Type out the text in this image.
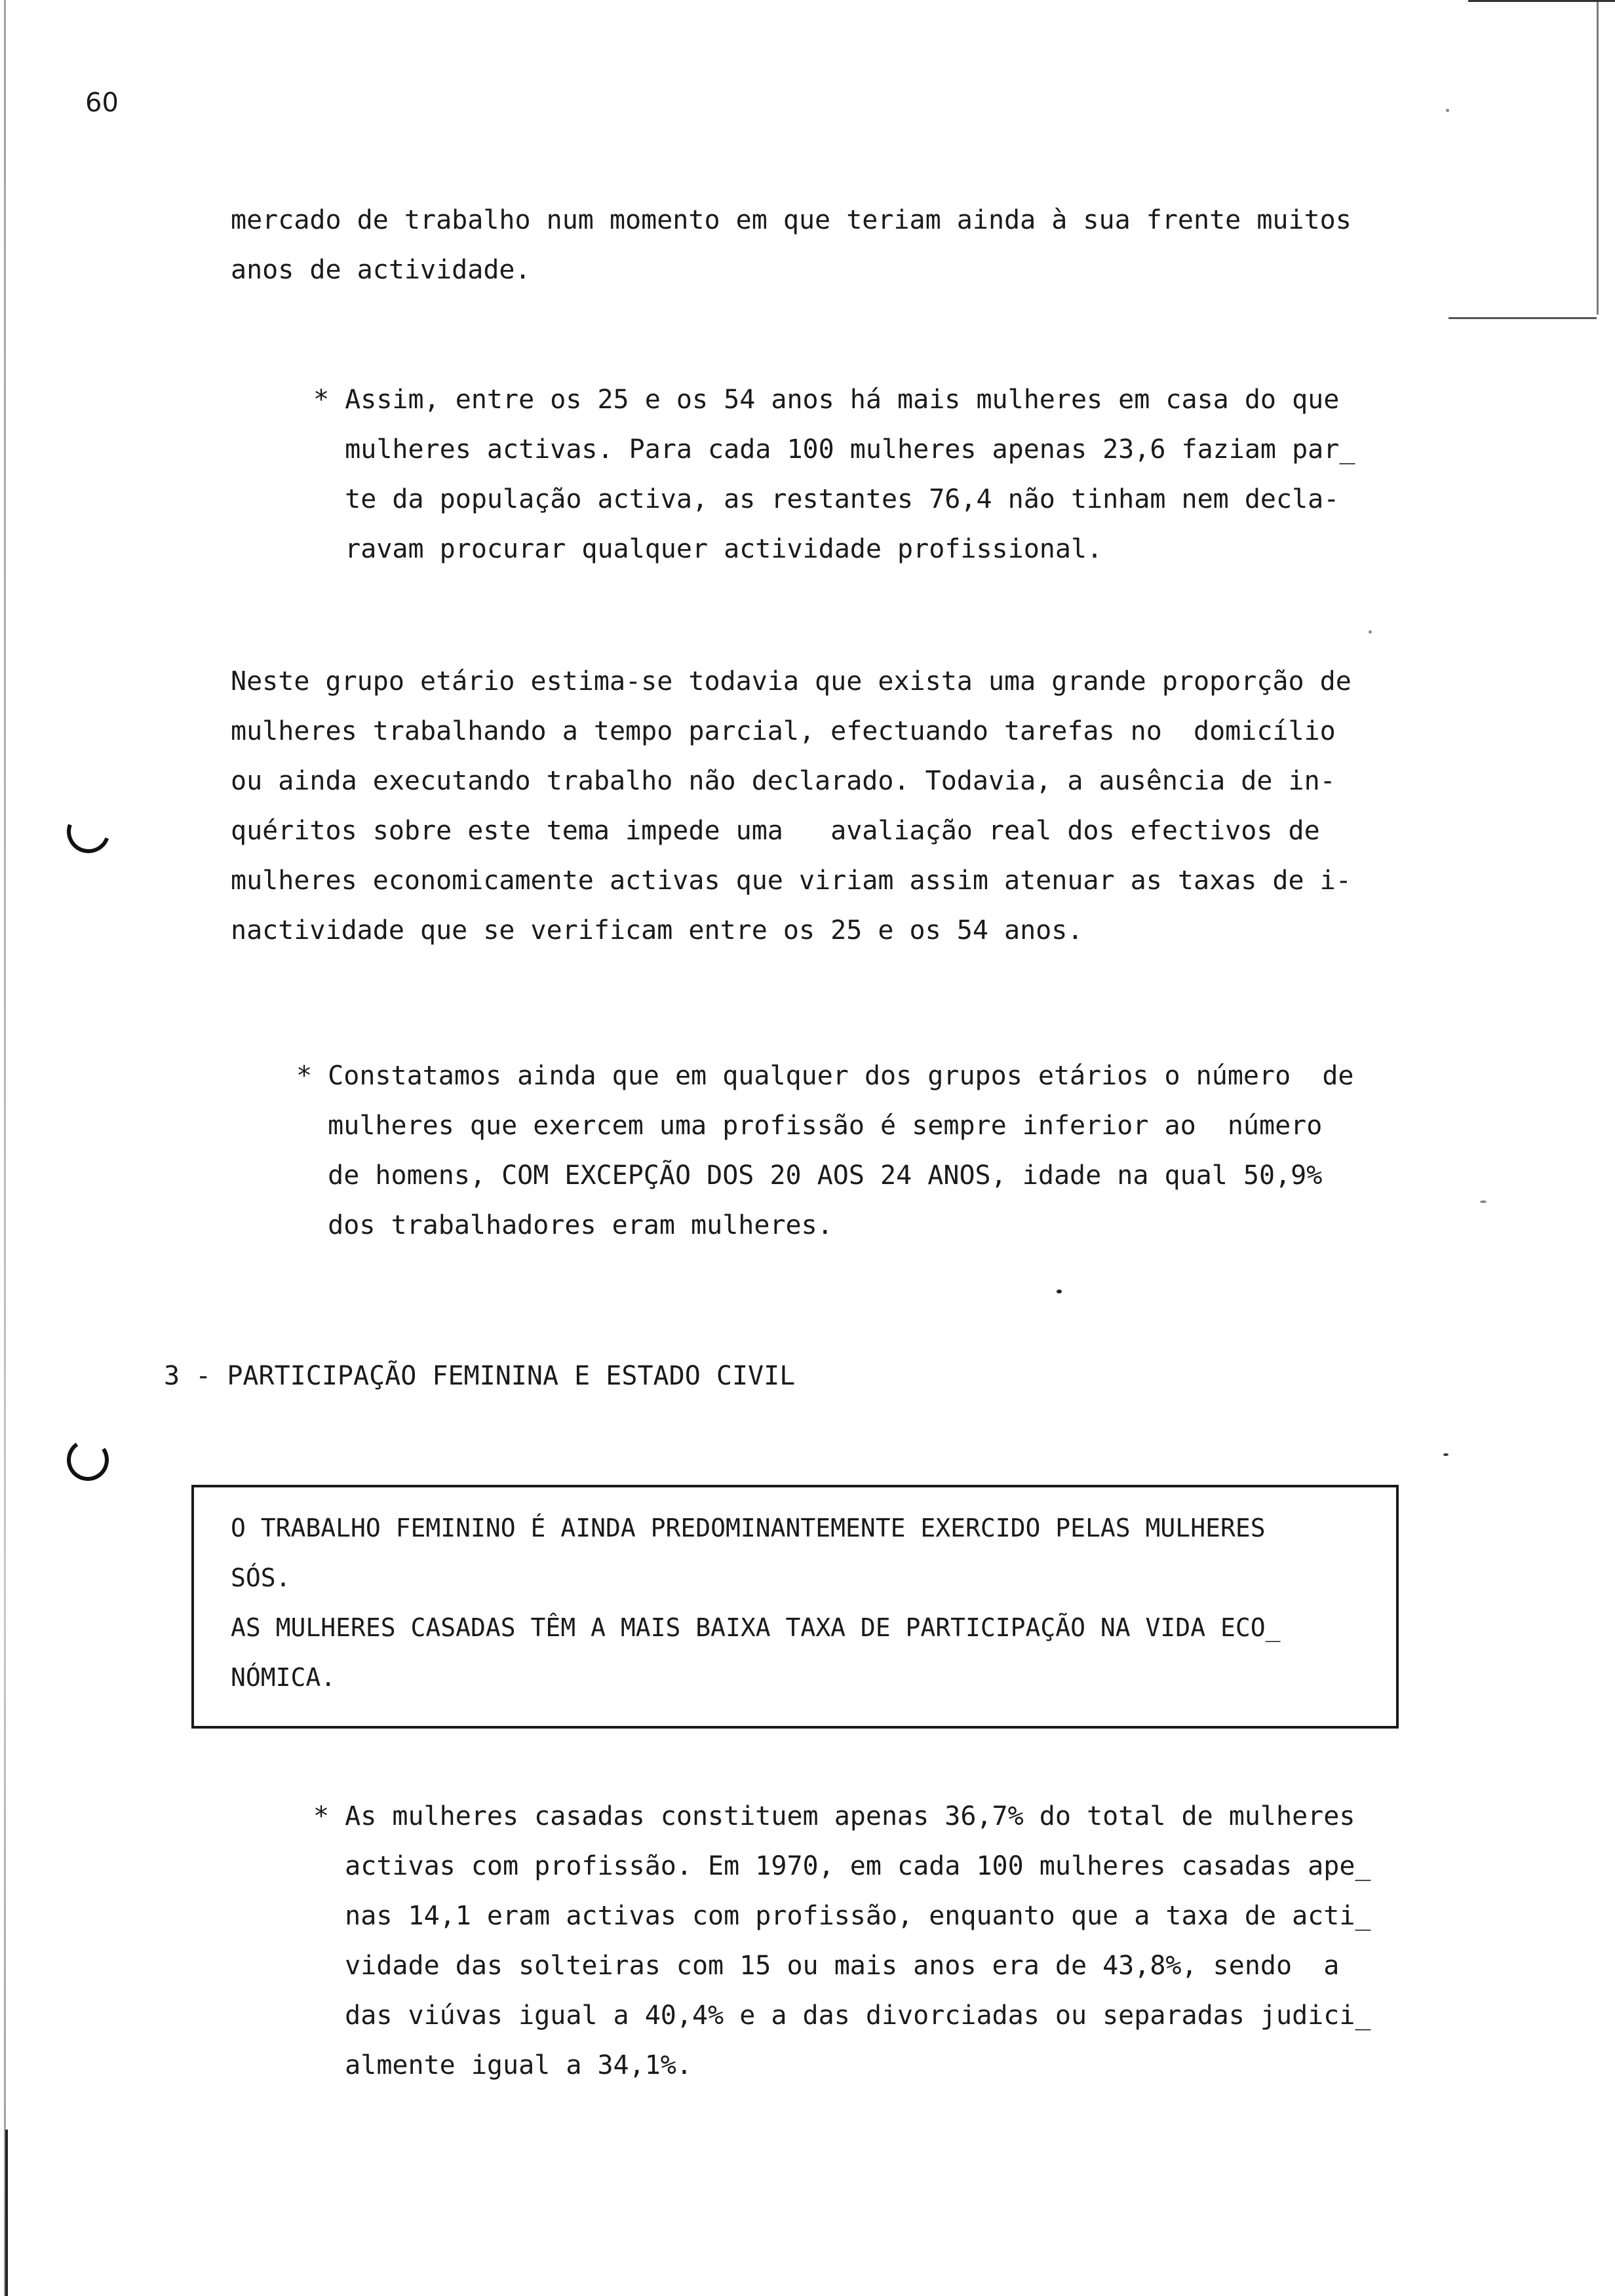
60

mercado de trabalho num momento em que teriam ainda à sua frente muitos
anos de actividade.

* Assim, entre os 25 e os 54 anos há mais mulheres em casa do que
mulheres activas. Para cada 100 mulheres apenas 23,6 faziam par_
te da população activa, as restantes 76,4 não tinham nem decla-
ravam procurar qualquer actividade profissional.

Neste grupo etário estima-se todavia que exista uma grande proporção de
mulheres trabalhando a tempo parcial, efectuando tarefas no  domicílio
ou ainda executando trabalho não declarado. Todavia, a ausência de in-
quéritos sobre este tema impede uma   avaliação real dos efectivos de
mulheres economicamente activas que viriam assim atenuar as taxas de i-
nactividade que se verificam entre os 25 e os 54 anos.

* Constatamos ainda que em qualquer dos grupos etários o número  de
mulheres que exercem uma profissão é sempre inferior ao  número
de homens, COM EXCEPÇÃO DOS 20 AOS 24 ANOS, idade na qual 50,9%
dos trabalhadores eram mulheres.

3 - PARTICIPAÇÃO FEMININA E ESTADO CIVIL

O TRABALHO FEMININO É AINDA PREDOMINANTEMENTE EXERCIDO PELAS MULHERES
SÓS.
AS MULHERES CASADAS TÊM A MAIS BAIXA TAXA DE PARTICIPAÇÃO NA VIDA ECO_
NÓMICA.

* As mulheres casadas constituem apenas 36,7% do total de mulheres
activas com profissão. Em 1970, em cada 100 mulheres casadas ape_
nas 14,1 eram activas com profissão, enquanto que a taxa de acti_
vidade das solteiras com 15 ou mais anos era de 43,8%, sendo  a
das viúvas igual a 40,4% e a das divorciadas ou separadas judici_
almente igual a 34,1%.
